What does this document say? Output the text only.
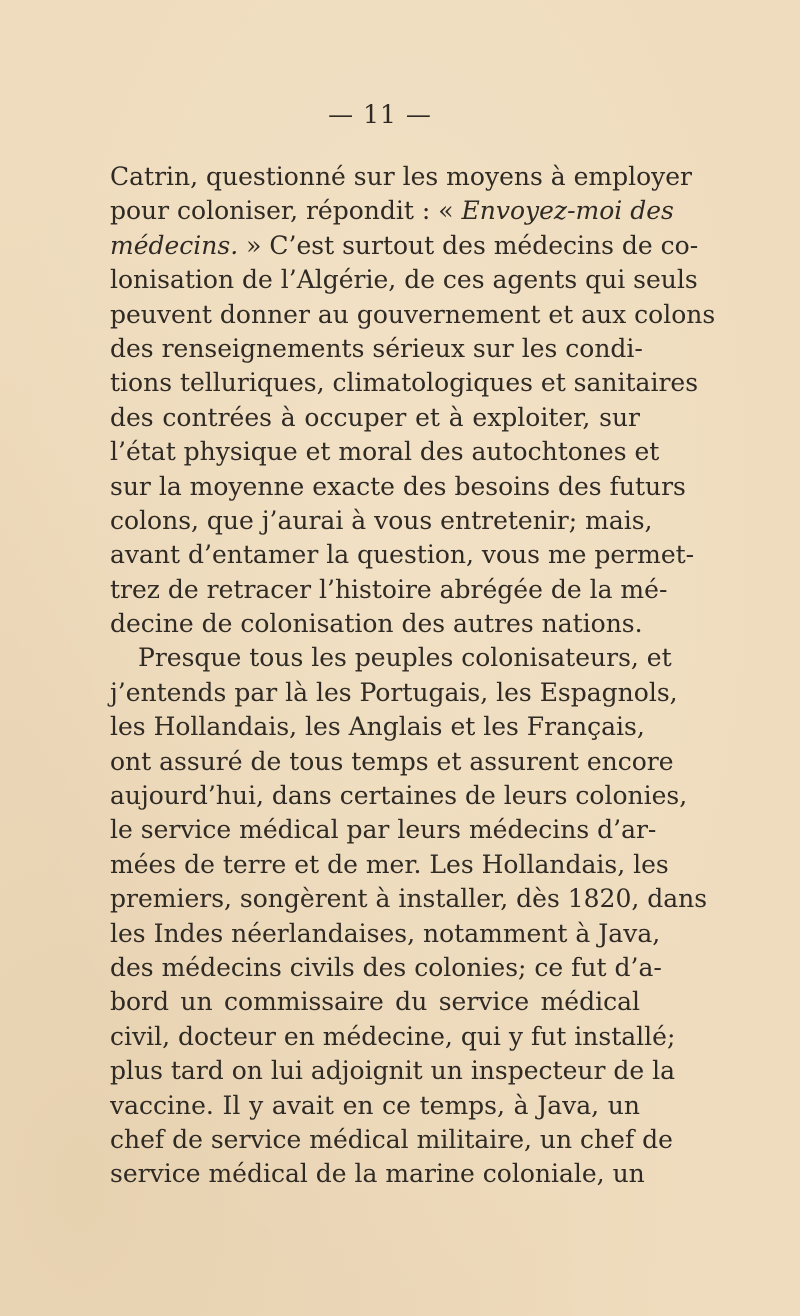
— 11 —
Catrin, questionné sur les moyens à employer
pour coloniser, répondit : « Envoyez-moi des
médecins. » C’est surtout des médecins de co-
lonisation de l’Algérie, de ces agents qui seuls
peuvent donner au gouvernement et aux colons
des renseignements sérieux sur les condi-
tions telluriques, climatologiques et sanitaires
des contrées à occuper et à exploiter, sur
l’état physique et moral des autochtones et
sur la moyenne exacte des besoins des futurs
colons, que j’aurai à vous entretenir; mais,
avant d’entamer la question, vous me permet-
trez de retracer l’histoire abrégée de la mé-
decine de colonisation des autres nations.
Presque tous les peuples colonisateurs, et
j’entends par là les Portugais, les Espagnols,
les Hollandais, les Anglais et les Français,
ont assuré de tous temps et assurent encore
aujourd’hui, dans certaines de leurs colonies,
le service médical par leurs médecins d’ar-
mées de terre et de mer. Les Hollandais, les
premiers, songèrent à installer, dès 1820, dans
les Indes néerlandaises, notamment à Java,
des médecins civils des colonies; ce fut d’a-
bord un commissaire du service médical
civil, docteur en médecine, qui y fut installé;
plus tard on lui adjoignit un inspecteur de la
vaccine. Il y avait en ce temps, à Java, un
chef de service médical militaire, un chef de
service médical de la marine coloniale, un
